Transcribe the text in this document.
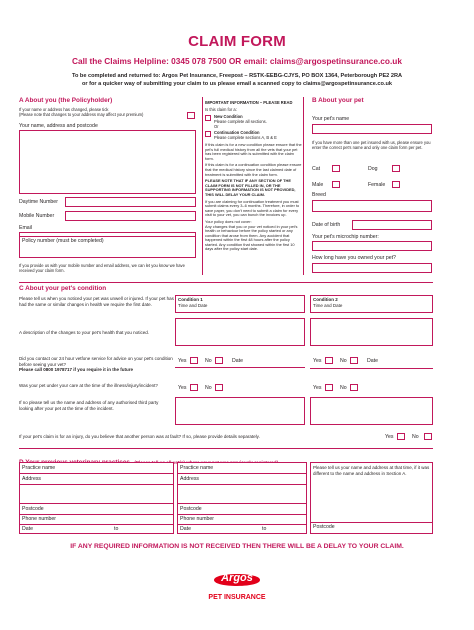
CLAIM FORM
Call the Claims Helpline: 0345 078 7500 OR email: claims@argospetinsurance.co.uk
To be completed and returned to: Argos Pet Insurance, Freepost – RSTK-EEBG-CJYS, PO BOX 1364, Peterborough PE2 2RA
or for a quicker way of submitting your claim to us please email a scanned copy to claims@argospetinsurance.co.uk
A About you (the Policyholder)
If your name or address has changed, please tick
(Please note that changes to your address may affect your premium)
Your name, address and postcode
Daytime Number
Mobile Number
Email
Policy number (must be completed)
If you provide us with your mobile number and email address, we can let you know we have received your claim form.
IMPORTANT INFORMATION – PLEASE READ
Is this claim for a:
New Condition
Please complete all sections.
Or
Continuation Condition
Please complete sections A, B & E
If this claim is for a new condition please ensure that the pet's full medical history from all the vets that your pet has been registered with is submitted with the claim form.
If this claim is for a continuation condition please ensure that the medical history since the last claimed date of treatment is submitted with the claim form.
PLEASE NOTE THAT IF ANY SECTION OF THE CLAIM FORM IS NOT FILLED IN, OR THE SUPPORTING INFORMATION IS NOT PROVIDED, THIS WILL DELAY YOUR CLAIM.
If you are claiming for continuation treatment you must submit claims every 3–6 months. Therefore, in order to save paper, you don't need to submit a claim for every visit to your vet, you can bunch the invoices up.
Your policy does not cover:
Any changes that you or your vet noticed in your pet's health or behaviour before the policy started or any condition that arose from them. Any accident that happened within the first 48 hours after the policy started. Any condition that showed within the first 10 days after the policy start date.
B About your pet
Your pet's name
If you have more than one pet insured with us, please ensure you enter the correct pet's name and only one claim form per pet.
Cat	Dog
Male	Female
Breed
Date of birth
Your pet's microchip number:
How long have you owned your pet?
C About your pet's condition
Please tell us when you noticed your pet was unwell or injured. If your pet has had the same or similar changes in health we require the first date.
Condition 1
Time and Date
Condition 2
Time and Date
A description of the changes to your pet's health that you noticed.
Did you contact our 24 hour vetfone service for advice on your pet's condition before seeing your vet?
Please call 0800 1978717 if you require it in the future
Yes	No	Date	Yes	No	Date
Was your pet under your care at the time of the illness/injury/incident?	Yes	No	Yes	No
If no please tell us the name and address of any authorised third party looking after your pet at the time of the incident.
If your pet's claim is for an injury, do you believe that another person was at fault? If so, please provide details separately.	Yes	No
Practice name
Address
Postcode
Phone number
Date	to
Practice name
Address
Postcode
Phone number
Date	to
Please tell us your name and address at that time, if it was different to the name and address in Section A.
Postcode
IF ANY REQUIRED INFORMATION IS NOT RECEIVED THEN THERE WILL BE A DELAY TO YOUR CLAIM.
Argos
PET INSURANCE
